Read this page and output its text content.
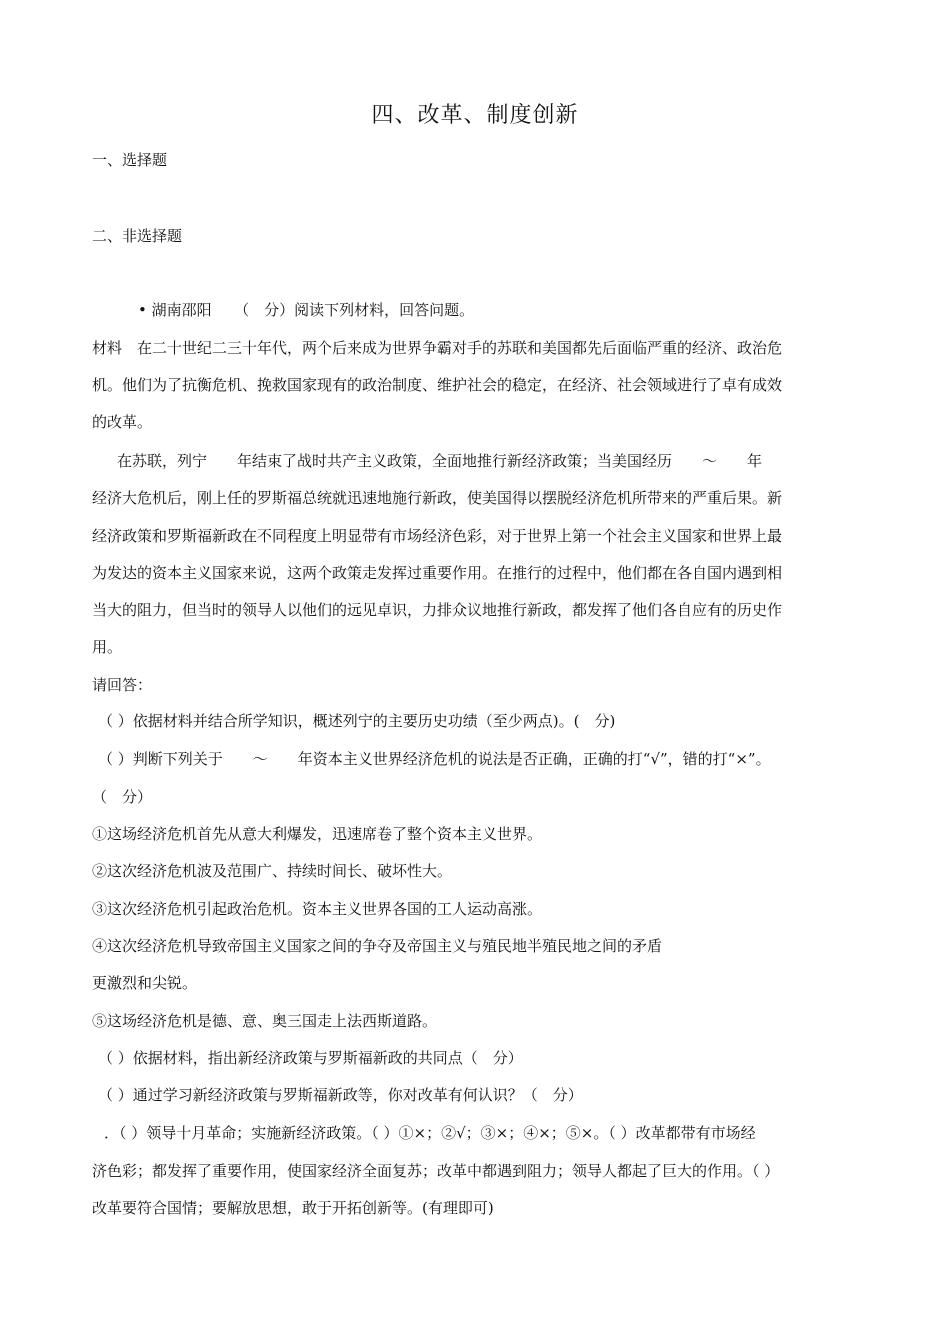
四、改革、制度创新
一、选择题
二、非选择题
• 湖南邵阳　　（　分）阅读下列材料，回答问题。
材料　在二十世纪二三十年代，两个后来成为世界争霸对手的苏联和美国都先后面临严重的经济、政治危
机。他们为了抗衡危机、挽救国家现有的政治制度、维护社会的稳定，在经济、社会领域进行了卓有成效
的改革。
在苏联，列宁　　年结束了战时共产主义政策，全面地推行新经济政策；当美国经历　　～　　年
经济大危机后，刚上任的罗斯福总统就迅速地施行新政，使美国得以摆脱经济危机所带来的严重后果。新
经济政策和罗斯福新政在不同程度上明显带有市场经济色彩，对于世界上第一个社会主义国家和世界上最
为发达的资本主义国家来说，这两个政策走发挥过重要作用。在推行的过程中，他们都在各自国内遇到相
当大的阻力，但当时的领导人以他们的远见卓识，力排众议地推行新政，都发挥了他们各自应有的历史作
用。
请回答：
（ ）依据材料并结合所学知识，概述列宁的主要历史功绩（至少两点)。(　分)
（ ）判断下列关于　　～　　年资本主义世界经济危机的说法是否正确，正确的打“√”，错的打“×”。
（　分）
①这场经济危机首先从意大利爆发，迅速席卷了整个资本主义世界。
②这次经济危机波及范围广、持续时间长、破坏性大。
③这次经济危机引起政治危机。资本主义世界各国的工人运动高涨。
④这次经济危机导致帝国主义国家之间的争夺及帝国主义与殖民地半殖民地之间的矛盾
更激烈和尖锐。
⑤这场经济危机是德、意、奥三国走上法西斯道路。
（ ）依据材料，指出新经济政策与罗斯福新政的共同点（　分）
（ ）通过学习新经济政策与罗斯福新政等，你对改革有何认识？（　分）
．（ ）领导十月革命；实施新经济政策。（ ）①×；②√；③×；④×；⑤×。（ ）改革都带有市场经
济色彩；都发挥了重要作用，使国家经济全面复苏；改革中都遇到阻力；领导人都起了巨大的作用。（ ）
改革要符合国情；要解放思想，敢于开拓创新等。(有理即可)
